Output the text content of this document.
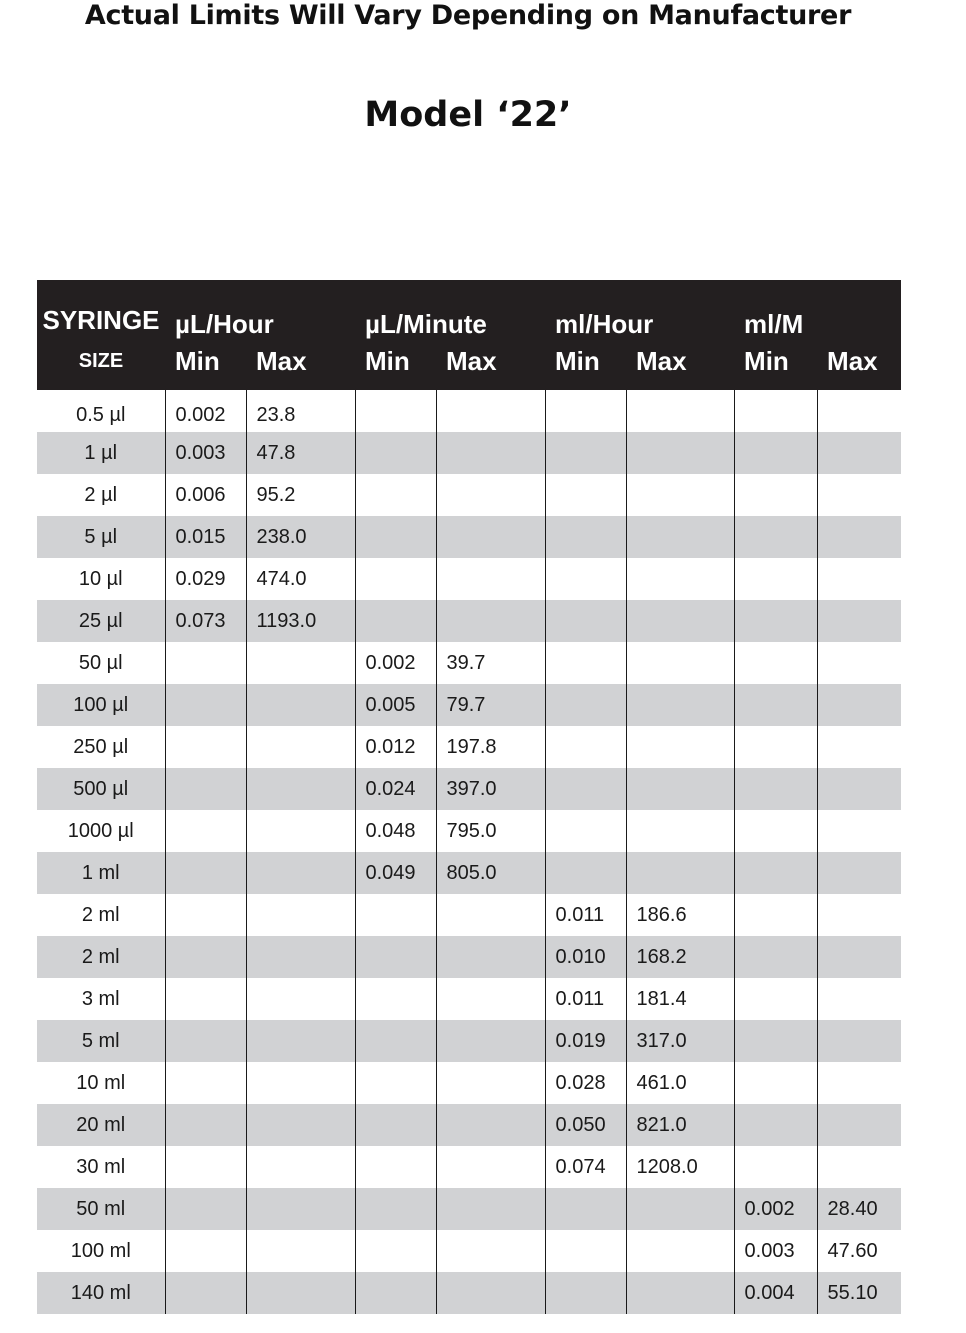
Actual Limits Will Vary Depending on Manufacturer
Model ‘22’
SYRINGE	µL/Hour		µL/Minute		ml/Hour		ml/M	
SIZE	Min	Max	Min	Max	Min	Max	Min	Max
0.5 µl	0.002	23.8						
1 µl	0.003	47.8						
2 µl	0.006	95.2						
5 µl	0.015	238.0						
10 µl	0.029	474.0						
25 µl	0.073	1193.0						
50 µl			0.002	39.7				
100 µl			0.005	79.7				
250 µl			0.012	197.8				
500 µl			0.024	397.0				
1000 µl			0.048	795.0				
1 ml			0.049	805.0				
2 ml					0.011	186.6		
2 ml					0.010	168.2		
3 ml					0.011	181.4		
5 ml					0.019	317.0		
10 ml					0.028	461.0		
20 ml					0.050	821.0		
30 ml					0.074	1208.0		
50 ml							0.002	28.40
100 ml							0.003	47.60
140 ml							0.004	55.10
